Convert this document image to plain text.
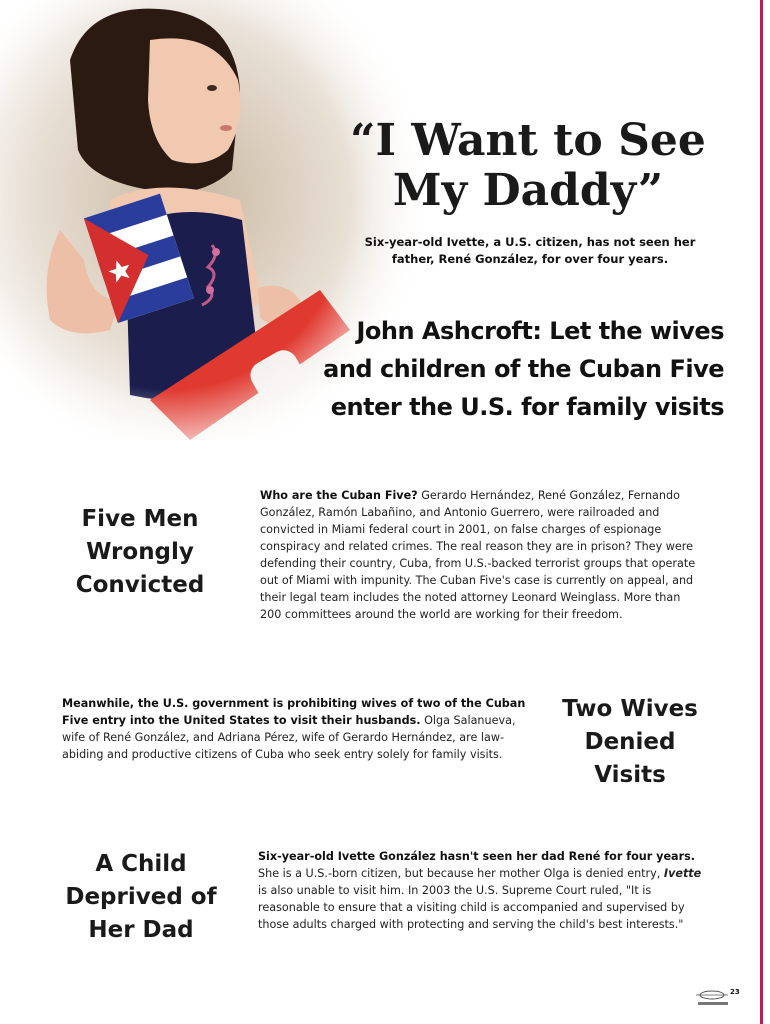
“I Want to See
My Daddy”
Six-year-old Ivette, a U.S. citizen, has not seen her
father, René González, for over four years.
John Ashcroft: Let the wives
and children of the Cuban Five
enter the U.S. for family visits
Five Men
Wrongly
Convicted

Who are the Cuban Five? Gerardo Hernández, René González, Fernando González, Ramón Labañino, and Antonio Guerrero, were railroaded and convicted in Miami federal court in 2001, on false charges of espionage conspiracy and related crimes. The real reason they are in prison? They were defending their country, Cuba, from U.S.-backed terrorist groups that operate out of Miami with impunity. The Cuban Five's case is currently on appeal, and their legal team includes the noted attorney Leonard Weinglass. More than 200 committees around the world are working for their freedom.

Meanwhile, the U.S. government is prohibiting wives of two of the Cuban Five entry into the United States to visit their husbands. Olga Salanueva, wife of René González, and Adriana Pérez, wife of Gerardo Hernández, are law-abiding and productive citizens of Cuba who seek entry solely for family visits.

Two Wives
Denied
Visits
A Child
Deprived of
Her Dad

Six-year-old Ivette González hasn't seen her dad René for four years. She is a U.S.-born citizen, but because her mother Olga is denied entry, Ivette is also unable to visit him. In 2003 the U.S. Supreme Court ruled, "It is reasonable to ensure that a visiting child is accompanied and supervised by those adults charged with protecting and serving the child's best interests."

23
